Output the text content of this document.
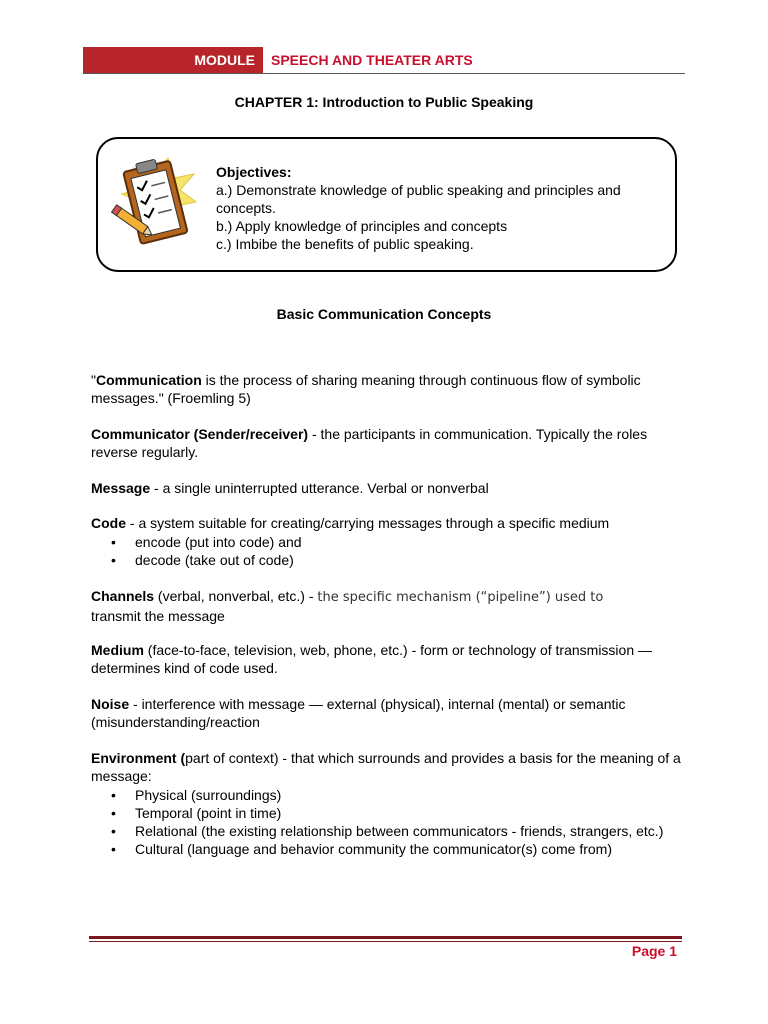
MODULE	SPEECH AND THEATER ARTS
CHAPTER 1: Introduction to Public Speaking
Objectives:
a.) Demonstrate knowledge of public speaking and principles and concepts.
b.) Apply knowledge of principles and concepts
c.) Imbibe the benefits of public speaking.
Basic Communication Concepts
"Communication is the process of sharing meaning through continuous flow of symbolic messages." (Froemling 5)
Communicator (Sender/receiver) - the participants in communication. Typically the roles reverse regularly.
Message - a single uninterrupted utterance. Verbal or nonverbal
Code - a system suitable for creating/carrying messages through a specific medium
• encode (put into code) and
• decode (take out of code)
Channels (verbal, nonverbal, etc.) - the specific mechanism (“pipeline”) used to
transmit the message
Medium (face-to-face, television, web, phone, etc.) - form or technology of transmission — determines kind of code used.
Noise - interference with message — external (physical), internal (mental) or semantic (misunderstanding/reaction
Environment (part of context) - that which surrounds and provides a basis for the meaning of a message:
• Physical (surroundings)
• Temporal (point in time)
• Relational (the existing relationship between communicators - friends, strangers, etc.)
• Cultural (language and behavior community the communicator(s) come from)
Page 1
